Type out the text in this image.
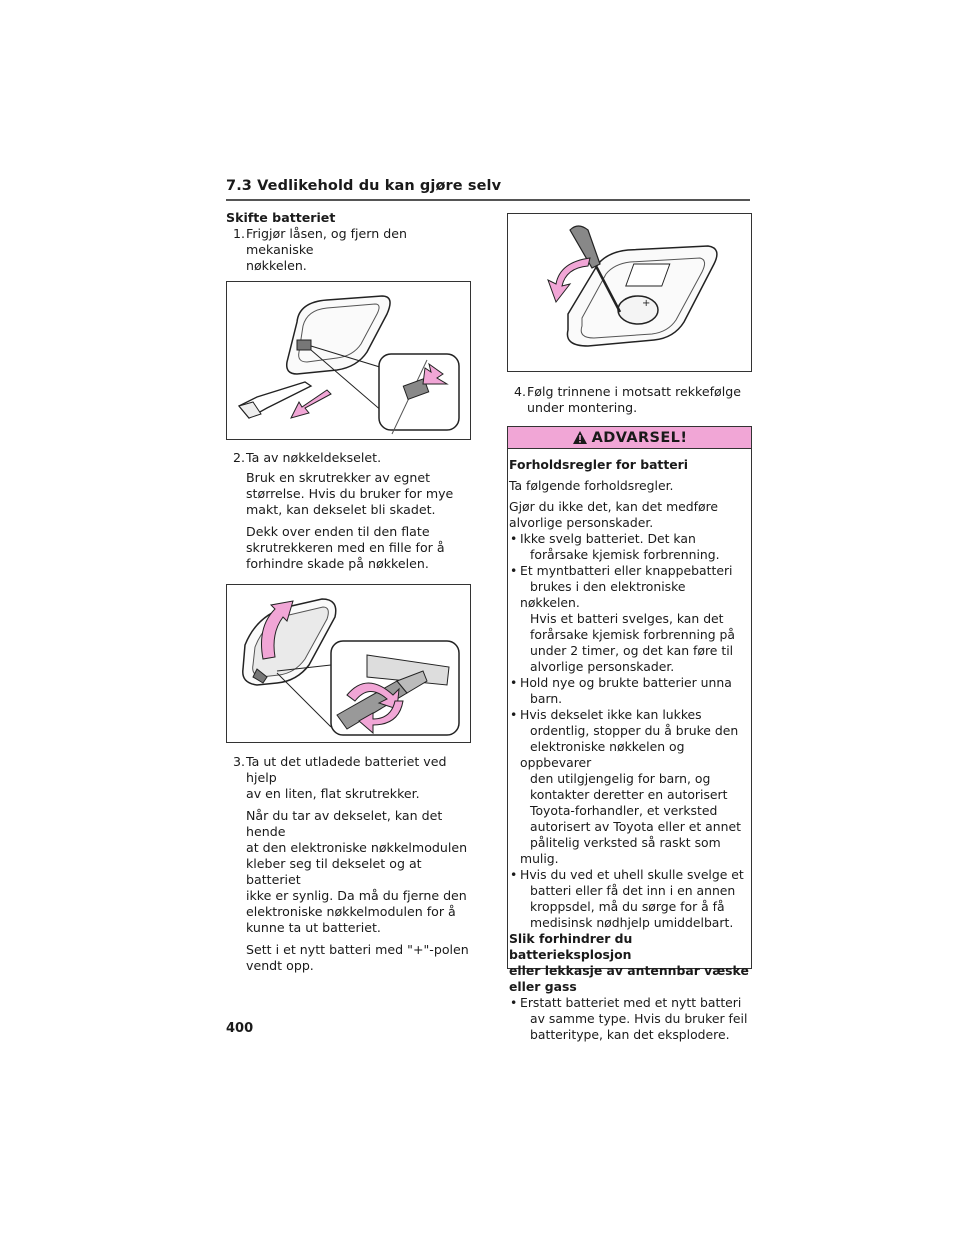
7.3 Vedlikehold du kan gjøre selv

Skifte batteriet

1. Frigjør låsen, og fjern den mekaniske
nøkkelen.

2. Ta av nøkkeldekselet.

Bruk en skrutrekker av egnet
størrelse. Hvis du bruker for mye
makt, kan dekselet bli skadet.

Dekk over enden til den flate
skrutrekkeren med en fille for å
forhindre skade på nøkkelen.

3. Ta ut det utladede batteriet ved hjelp
av en liten, flat skrutrekker.

Når du tar av dekselet, kan det hende
at den elektroniske nøkkelmodulen
kleber seg til dekselet og at batteriet
ikke er synlig. Da må du fjerne den
elektroniske nøkkelmodulen for å
kunne ta ut batteriet.

Sett i et nytt batteri med "+"-polen
vendt opp.

+
4. Følg trinnene i motsatt rekkefølge
under montering.

ADVARSEL!

Forholdsregler for batteri

Ta følgende forholdsregler.

Gjør du ikke det, kan det medføre
alvorlige personskader.

• Ikke svelg batteriet. Det kan
forårsake kjemisk forbrenning.
• Et myntbatteri eller knappebatteri
brukes i den elektroniske nøkkelen.
Hvis et batteri svelges, kan det
forårsake kjemisk forbrenning på
under 2 timer, og det kan føre til
alvorlige personskader.
• Hold nye og brukte batterier unna
barn.
• Hvis dekselet ikke kan lukkes
ordentlig, stopper du å bruke den
elektroniske nøkkelen og oppbevarer
den utilgjengelig for barn, og
kontakter deretter en autorisert
Toyota-forhandler, et verksted
autorisert av Toyota eller et annet
pålitelig verksted så raskt som mulig.
• Hvis du ved et uhell skulle svelge et
batteri eller få det inn i en annen
kroppsdel, må du sørge for å få
medisinsk nødhjelp umiddelbart.

Slik forhindrer du batterieksplosjon
eller lekkasje av antennbar væske
eller gass

• Erstatt batteriet med et nytt batteri
av samme type. Hvis du bruker feil
batteritype, kan det eksplodere.
400
